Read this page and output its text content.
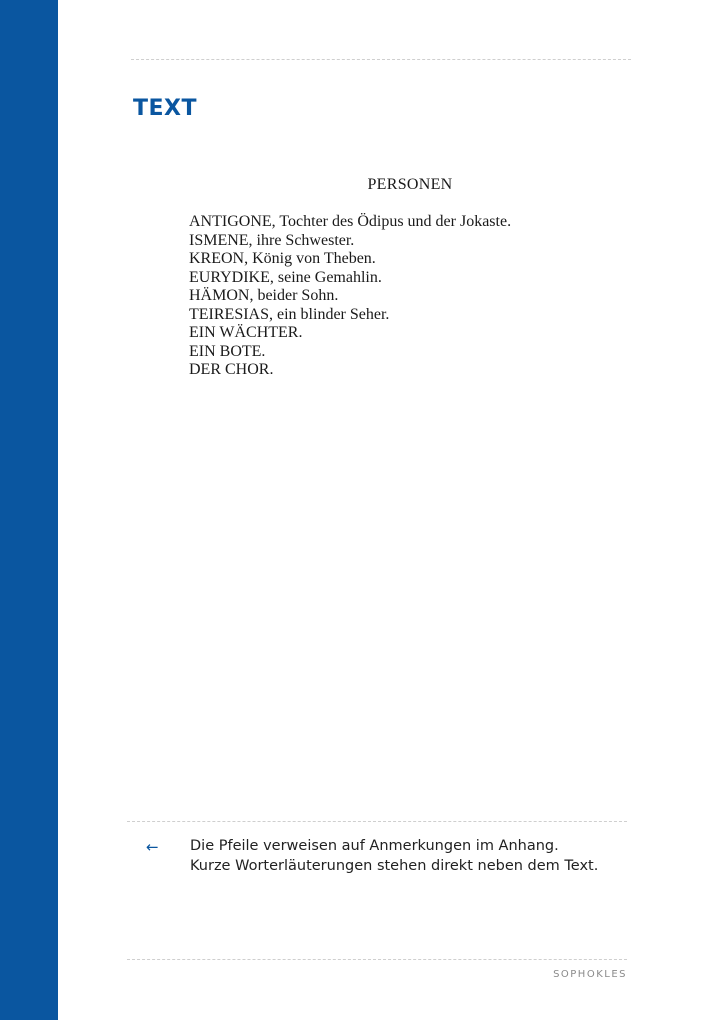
TEXT
PERSONEN
ANTIGONE, Tochter des Ödipus und der Jokaste.
ISMENE, ihre Schwester.
KREON, König von Theben.
EURYDIKE, seine Gemahlin.
HÄMON, beider Sohn.
TEIRESIAS, ein blinder Seher.
EIN WÄCHTER.
EIN BOTE.
DER CHOR.
← Die Pfeile verweisen auf Anmerkungen im Anhang.
Kurze Worterläuterungen stehen direkt neben dem Text.
SOPHOKLES
